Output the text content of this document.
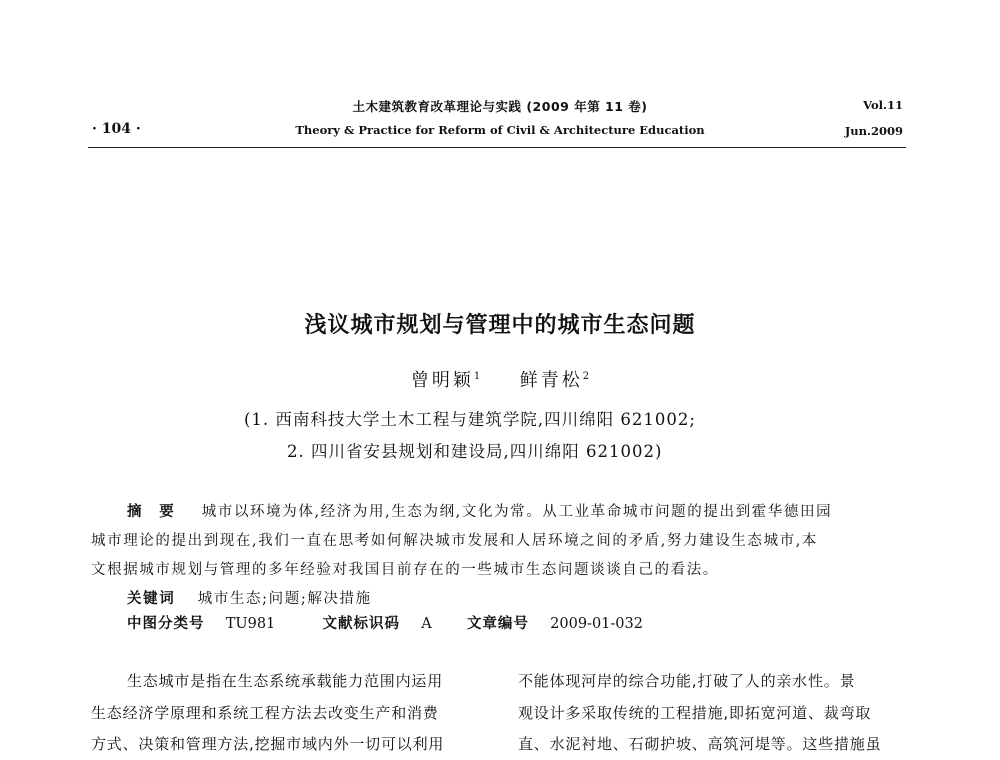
土木建筑教育改革理论与实践 (2009 年第 11 卷)
Theory & Practice for Reform of Civil & Architecture Education
· 104 ·
Vol.11
Jun.2009
浅议城市规划与管理中的城市生态问题
曾明颖$^1$ 鲜青松$^2$
(1. 西南科技大学土木工程与建筑学院,四川绵阳 621002;
2. 四川省安县规划和建设局,四川绵阳 621002)
摘　要 城市以环境为体,经济为用,生态为纲,文化为常。从工业革命城市问题的提出到霍华德田园
城市理论的提出到现在,我们一直在思考如何解决城市发展和人居环境之间的矛盾,努力建设生态城市,本
文根据城市规划与管理的多年经验对我国目前存在的一些城市生态问题谈谈自己的看法。
关键词 城市生态;问题;解决措施
中图分类号 TU981	文献标识码 A 文章编号 2009-01-032
生态城市是指在生态系统承载能力范围内运用
生态经济学原理和系统工程方法去改变生产和消费
方式、决策和管理方法,挖掘市域内外一切可以利用
不能体现河岸的综合功能,打破了人的亲水性。景
观设计多采取传统的工程措施,即拓宽河道、裁弯取
直、水泥衬地、石砌护坡、高筑河堤等。这些措施虽
